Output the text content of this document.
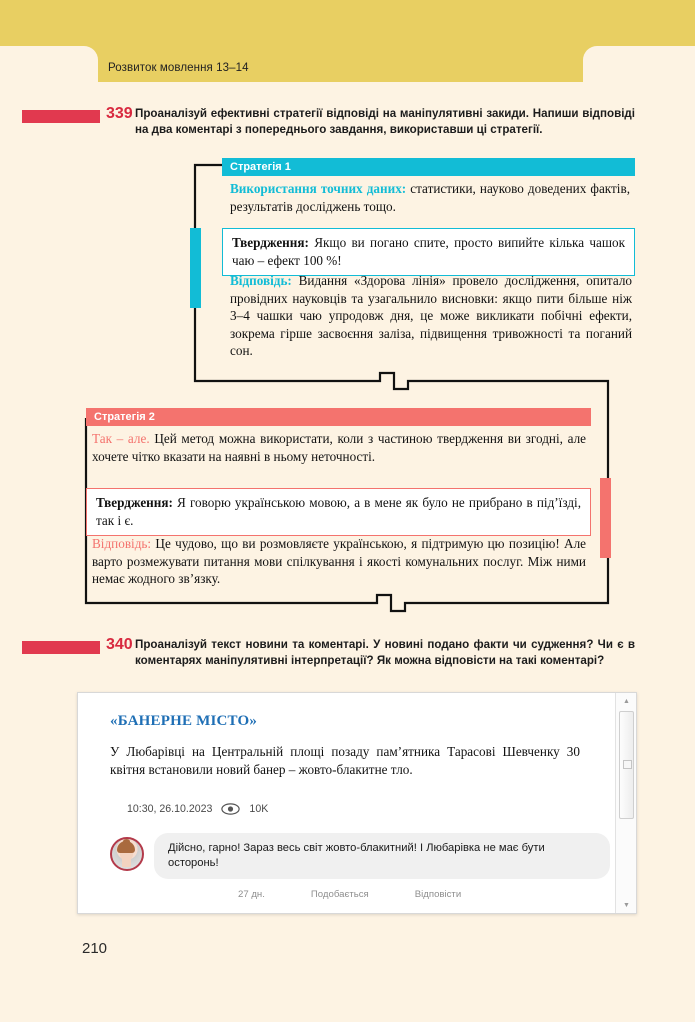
Розвиток мовлення 13–14
339 Проаналізуй ефективні стратегії відповіді на маніпулятивні закиди. Напиши відповіді на два коментарі з попереднього завдання, використавши ці стратегії.
Стратегія 1
Використання точних даних: статистики, науково доведених фактів, результатів досліджень тощо.
Твердження: Якщо ви погано спите, просто випийте кілька чашок чаю – ефект 100 %!
Відповідь: Видання «Здорова лінія» провело дослідження, опитало провідних науковців та узагальнило висновки: якщо пити більше ніж 3–4 чашки чаю упродовж дня, це може викликати побічні ефекти, зокрема гірше засвоєння заліза, підвищення тривожності та поганий сон.
Стратегія 2
Так – але. Цей метод можна використати, коли з частиною твердження ви згодні, але хочете чітко вказати на наявні в ньому неточності.
Твердження: Я говорю українською мовою, а в мене як було не прибрано в під’їзді, так і є.
Відповідь: Це чудово, що ви розмовляєте українською, я підтримую цю позицію! Але варто розмежувати питання мови спілкування і якості комунальних послуг. Між ними немає жодного зв’язку.
340 Проаналізуй текст новини та коментарі. У новині подано факти чи судження? Чи є в коментарях маніпулятивні інтерпретації? Як можна відповісти на такі коментарі?
«БАНЕРНЕ МІСТО»
У Любарівці на Центральній площі позаду пам’ятника Тарасові Шевченку 30 квітня встановили новий банер – жовто-блакитне тло.
10:30, 26.10.2023	10K
Дійсно, гарно! Зараз весь світ жовто-блакитний! І Любарівка не має бути осторонь!
27 дн.	Подобається	Відповісти
▲
▼
210
